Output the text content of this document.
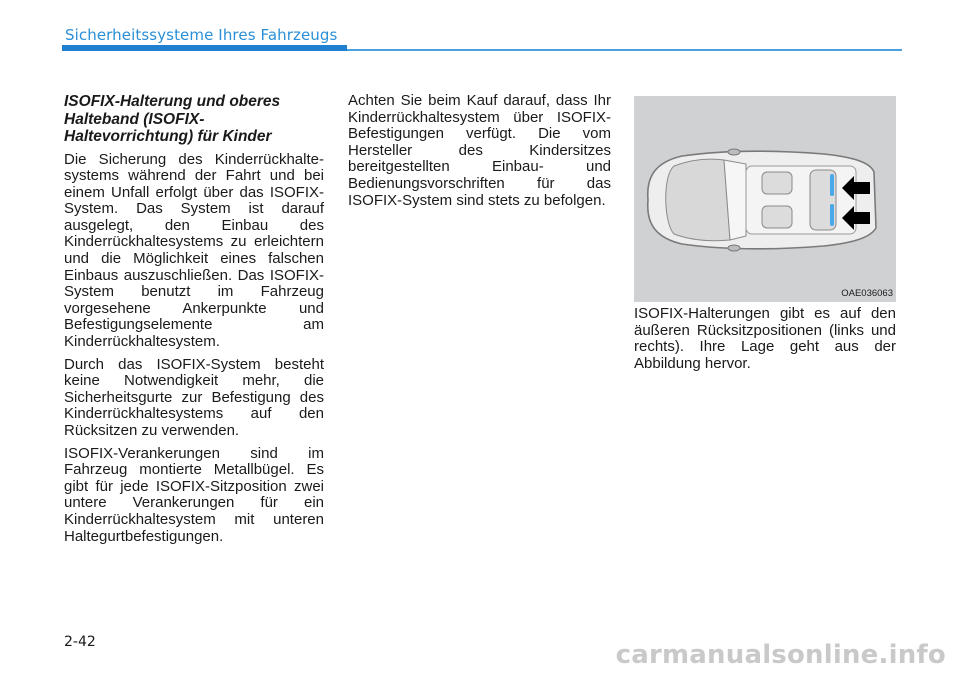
Sicherheitssysteme Ihres Fahrzeugs

ISOFIX-Halterung und oberes Halteband (ISOFIX-Haltevorrichtung) für Kinder

Die Sicherung des Kinderrückhalte-systems während der Fahrt und bei einem Unfall erfolgt über das ISOFIX-System. Das System ist darauf ausgelegt, den Einbau des Kinderrückhaltesystems zu erleichtern und die Möglichkeit eines falschen Einbaus auszuschließen. Das ISOFIX-System benutzt im Fahrzeug vorgesehene Ankerpunkte und Befestigungselemente am Kinderrückhaltesystem.

Durch das ISOFIX-System besteht keine Notwendigkeit mehr, die Sicherheitsgurte zur Befestigung des Kinderrückhaltesystems auf den Rücksitzen zu verwenden.

ISOFIX-Verankerungen sind im Fahrzeug montierte Metallbügel. Es gibt für jede ISOFIX-Sitzposition zwei untere Verankerungen für ein Kinderrückhaltesystem mit unteren Haltegurtbefestigungen.

Achten Sie beim Kauf darauf, dass Ihr Kinderrückhaltesystem über ISOFIX-Befestigungen verfügt. Die vom Hersteller des Kindersitzes bereitgestellten Einbau- und Bedienungsvorschriften für das ISOFIX-System sind stets zu befolgen.

OAE036063

ISOFIX-Halterungen gibt es auf den äußeren Rücksitzpositionen (links und rechts). Ihre Lage geht aus der Abbildung hervor.

2-42	carmanualsonline.info
